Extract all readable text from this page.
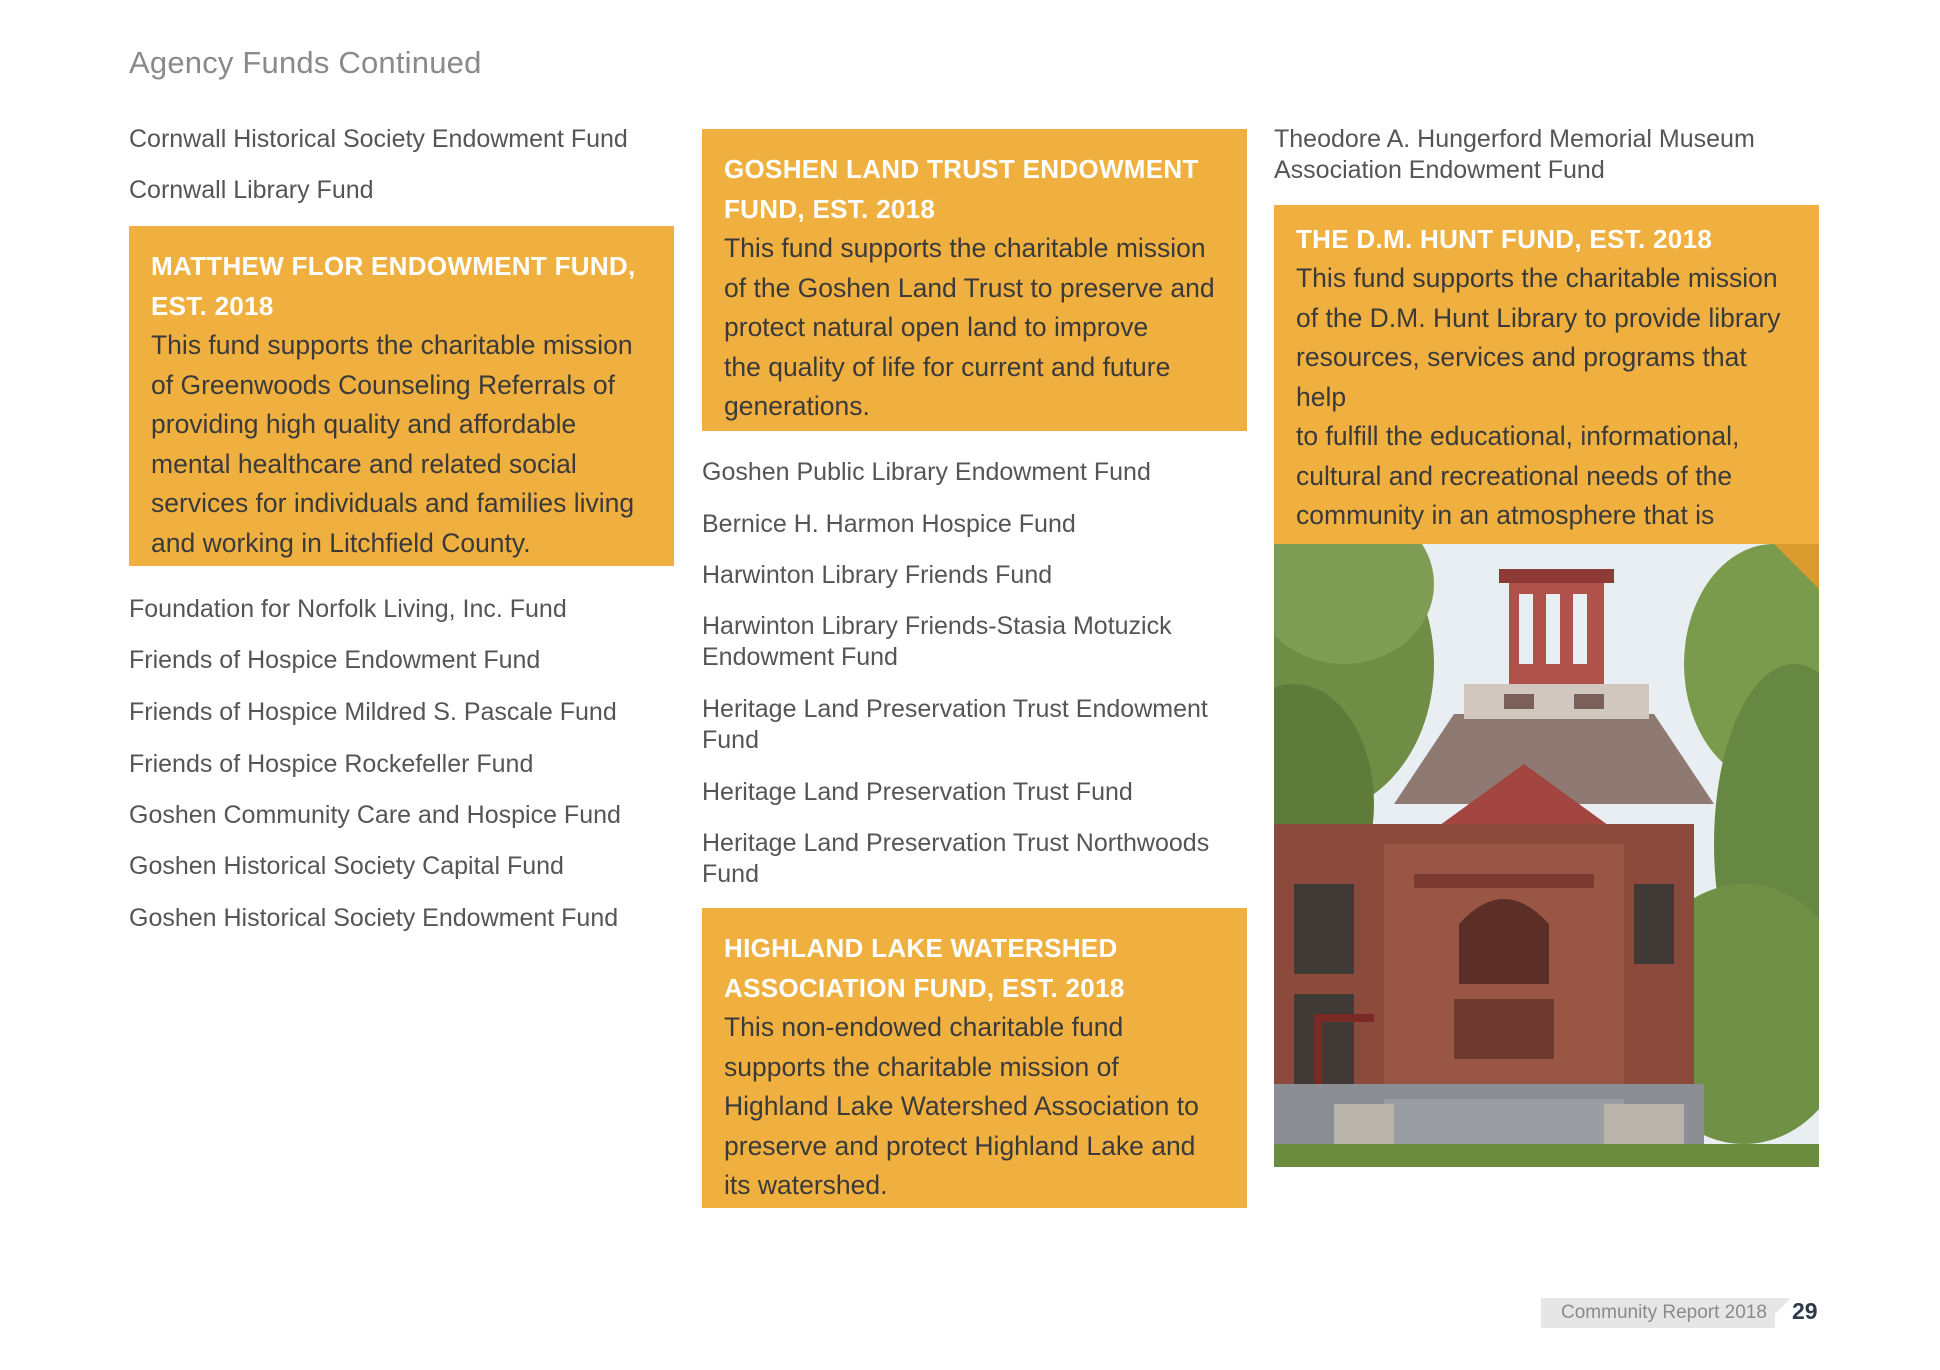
Agency Funds Continued
Cornwall Historical Society Endowment Fund
Cornwall Library Fund
MATTHEW FLOR ENDOWMENT FUND,
EST. 2018
This fund supports the charitable mission
of Greenwoods Counseling Referrals of
providing high quality and affordable
mental healthcare and related social
services for individuals and families living
and working in Litchfield County.
Foundation for Norfolk Living, Inc. Fund
Friends of Hospice Endowment Fund
Friends of Hospice Mildred S. Pascale Fund
Friends of Hospice Rockefeller Fund
Goshen Community Care and Hospice Fund
Goshen Historical Society Capital Fund
Goshen Historical Society Endowment Fund
GOSHEN LAND TRUST ENDOWMENT
FUND, EST. 2018
This fund supports the charitable mission
of the Goshen Land Trust to preserve and
protect natural open land to improve
the quality of life for current and future
generations.
Goshen Public Library Endowment Fund
Bernice H. Harmon Hospice Fund
Harwinton Library Friends Fund
Harwinton Library Friends-Stasia Motuzick
Endowment Fund
Heritage Land Preservation Trust Endowment
Fund
Heritage Land Preservation Trust Fund
Heritage Land Preservation Trust Northwoods
Fund
HIGHLAND LAKE WATERSHED
ASSOCIATION FUND, EST. 2018
This non-endowed charitable fund
supports the charitable mission of
Highland Lake Watershed Association to
preserve and protect Highland Lake and
its watershed.
Theodore A. Hungerford Memorial Museum
Association Endowment Fund
THE D.M. HUNT FUND, EST. 2018
This fund supports the charitable mission
of the D.M. Hunt Library to provide library
resources, services and programs that help
to fulfill the educational, informational,
cultural and recreational needs of the
community in an atmosphere that is
Community Report 2018 29
